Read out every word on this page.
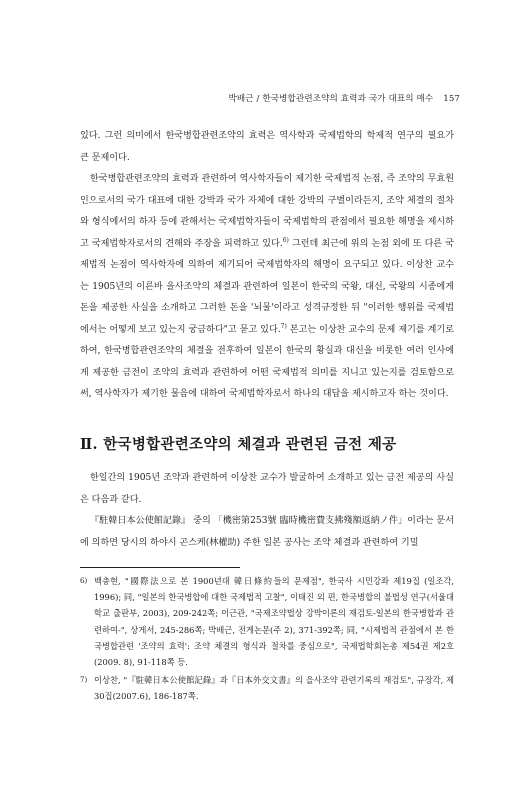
박배근 / 한국병합관련조약의 효력과 국가 대표의 매수 157

있다. 그런 의미에서 한국병합관련조약의 효력은 역사학과 국제법학의 학제적 연구의 필요가 큰 문제이다.

한국병합관련조약의 효력과 관련하여 역사학자들이 제기한 국제법적 논점, 즉 조약의 무효원인으로서의 국가 대표에 대한 강박과 국가 자체에 대한 강박의 구별이라든지, 조약 체결의 절차와 형식에서의 하자 등에 관해서는 국제법학자들이 국제법학의 관점에서 필요한 해명을 제시하고 국제법학자로서의 견해와 주장을 피력하고 있다.$^{6)}$ 그런데 최근에 위의 논점 외에 또 다른 국제법적 논점이 역사학자에 의하여 제기되어 국제법학자의 해명이 요구되고 있다. 이상찬 교수는 1905년의 이른바 을사조약의 체결과 관련하여 일본이 한국의 국왕, 대신, 국왕의 시종에게 돈을 제공한 사실을 소개하고 그러한 돈을 '뇌물'이라고 성격규정한 뒤 "이러한 행위를 국제법에서는 어떻게 보고 있는지 궁금하다"고 묻고 있다.$^{7)}$ 본고는 이상찬 교수의 문제 제기를 계기로 하여, 한국병합관련조약의 체결을 전후하여 일본이 한국의 황실과 대신을 비롯한 여러 인사에게 제공한 금전이 조약의 효력과 관련하여 어떤 국제법적 의미를 지니고 있는지를 검토함으로써, 역사학자가 제기한 물음에 대하여 국제법학자로서 하나의 대답을 제시하고자 하는 것이다.

Ⅱ. 한국병합관련조약의 체결과 관련된 금전 제공

한일간의 1905년 조약과 관련하여 이상찬 교수가 발굴하여 소개하고 있는 금전 제공의 사실은 다음과 같다.

『駐韓日本公使館記錄』 중의 「機密第253號 臨時機密費支拂殘額返納ノ件」이라는 문서에 의하면 당시의 하야시 곤스케(林權助) 주한 일본 공사는 조약 체결과 관련하여 기밀

6) 백충현, "國際法으로 본 1900년대 韓日條約들의 문제점", 한국사 시민강좌 제19집 (일조각, 1996); 同, "일본의 한국병합에 대한 국제법적 고찰", 이태진 외 편, 한국병합의 불법성 연구(서울대학교 출판부, 2003), 209-242쪽; 이근관, "국제조약법상 강박이론의 재검토-일본의 한국병합과 관련하여-", 상게서, 245-286쪽; 박배근, 전게논문(주 2), 371-392쪽; 同, "시제법적 관점에서 본 한국병합관련 '조약의 효력': 조약 체결의 형식과 절차를 중심으로", 국제법학회논총 제54권 제2호 (2009. 8), 91-118쪽 등.
7) 이상찬, "『駐韓日本公使館記錄』과『日本外交文書』의 을사조약 관련기록의 재검토", 규장각, 제30집(2007.6), 186-187쪽.
